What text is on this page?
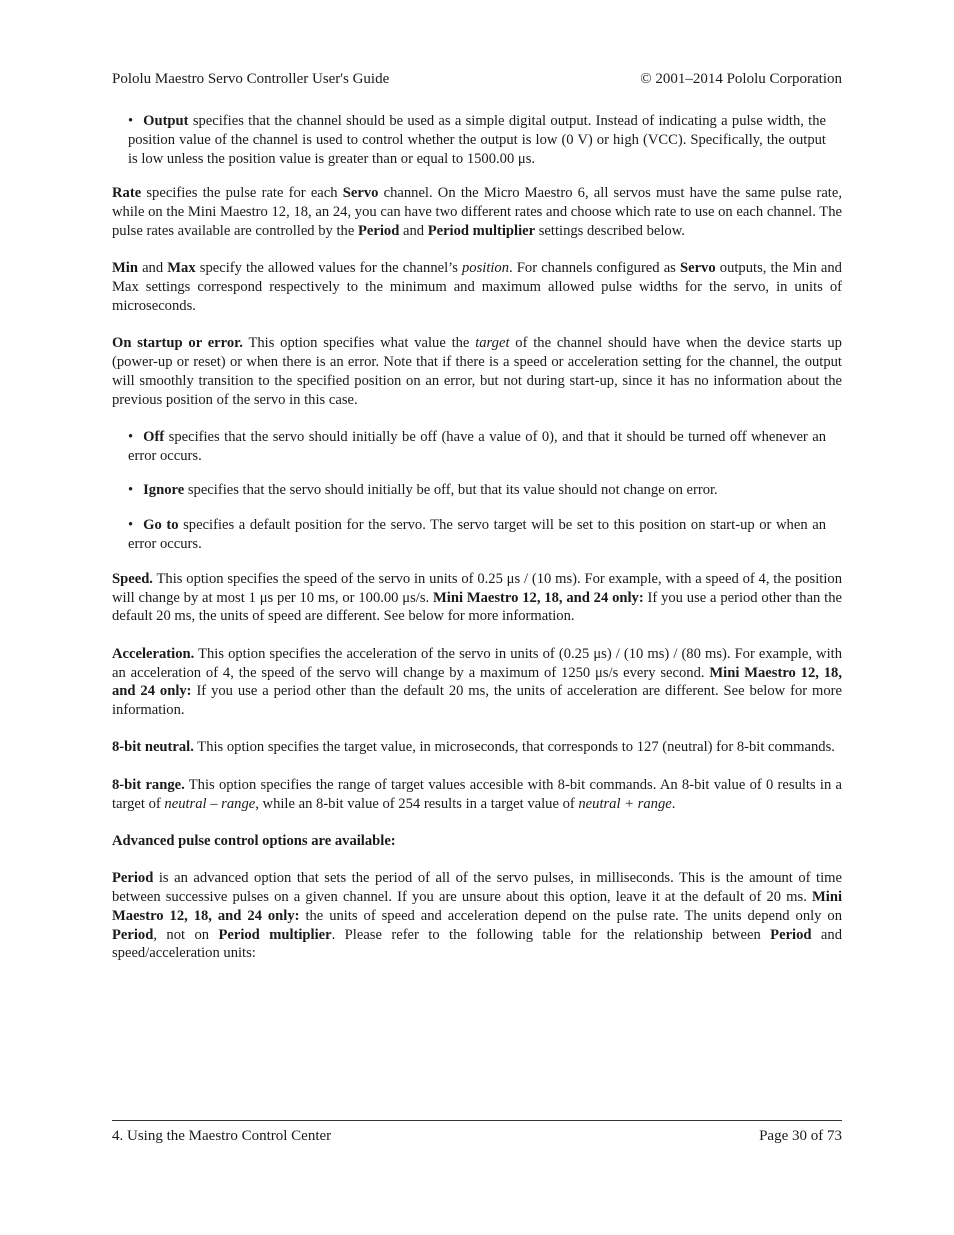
Pololu Maestro Servo Controller User's Guide	© 2001–2014 Pololu Corporation
• Output specifies that the channel should be used as a simple digital output. Instead of indicating a pulse width, the position value of the channel is used to control whether the output is low (0 V) or high (VCC). Specifically, the output is low unless the position value is greater than or equal to 1500.00 μs.

Rate specifies the pulse rate for each Servo channel. On the Micro Maestro 6, all servos must have the same pulse rate, while on the Mini Maestro 12, 18, an 24, you can have two different rates and choose which rate to use on each channel. The pulse rates available are controlled by the Period and Period multiplier settings described below.

Min and Max specify the allowed values for the channel’s position. For channels configured as Servo outputs, the Min and Max settings correspond respectively to the minimum and maximum allowed pulse widths for the servo, in units of microseconds.

On startup or error. This option specifies what value the target of the channel should have when the device starts up (power-up or reset) or when there is an error. Note that if there is a speed or acceleration setting for the channel, the output will smoothly transition to the specified position on an error, but not during start-up, since it has no information about the previous position of the servo in this case.

• Off specifies that the servo should initially be off (have a value of 0), and that it should be turned off whenever an error occurs.
• Ignore specifies that the servo should initially be off, but that its value should not change on error.
• Go to specifies a default position for the servo. The servo target will be set to this position on start-up or when an error occurs.

Speed. This option specifies the speed of the servo in units of 0.25 μs / (10 ms). For example, with a speed of 4, the position will change by at most 1 μs per 10 ms, or 100.00 μs/s. Mini Maestro 12, 18, and 24 only: If you use a period other than the default 20 ms, the units of speed are different. See below for more information.

Acceleration. This option specifies the acceleration of the servo in units of (0.25 μs) / (10 ms) / (80 ms). For example, with an acceleration of 4, the speed of the servo will change by a maximum of 1250 μs/s every second. Mini Maestro 12, 18, and 24 only: If you use a period other than the default 20 ms, the units of acceleration are different. See below for more information.

8-bit neutral. This option specifies the target value, in microseconds, that corresponds to 127 (neutral) for 8-bit commands.

8-bit range. This option specifies the range of target values accesible with 8-bit commands. An 8-bit value of 0 results in a target of neutral – range, while an 8-bit value of 254 results in a target value of neutral + range.

Advanced pulse control options are available:

Period is an advanced option that sets the period of all of the servo pulses, in milliseconds. This is the amount of time between successive pulses on a given channel. If you are unsure about this option, leave it at the default of 20 ms. Mini Maestro 12, 18, and 24 only: the units of speed and acceleration depend on the pulse rate. The units depend only on Period, not on Period multiplier. Please refer to the following table for the relationship between Period and speed/acceleration units:

4. Using the Maestro Control Center	Page 30 of 73
